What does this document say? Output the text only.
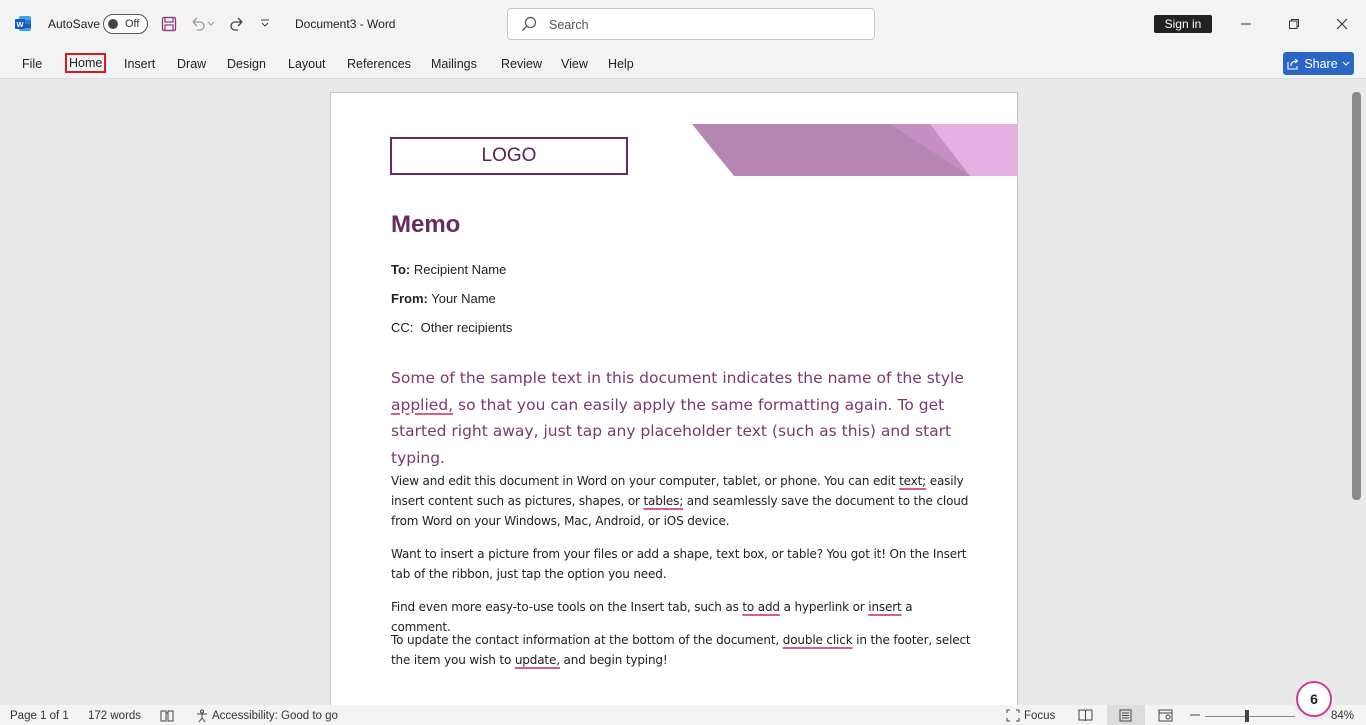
W AutoSave Off	Document3 - Word	Search	Sign in
File	Home	Insert Draw Design Layout References Mailings Review View Help	Share
LOGO
Memo
To: Recipient Name
From: Your Name
CC: Other recipients
Some of the sample text in this document indicates the name of the style applied, so that you can easily apply the same formatting again. To get started right away, just tap any placeholder text (such as this) and start typing.
View and edit this document in Word on your computer, tablet, or phone. You can edit text; easily insert content such as pictures, shapes, or tables; and seamlessly save the document to the cloud from Word on your Windows, Mac, Android, or iOS device.
Want to insert a picture from your files or add a shape, text box, or table? You got it! On the Insert tab of the ribbon, just tap the option you need.
Find even more easy-to-use tools on the Insert tab, such as to add a hyperlink or insert a comment.
To update the contact information at the bottom of the document, double click in the footer, select the item you wish to update, and begin typing!
Page 1 of 1 172 words	Accessibility: Good to go	Focus	84%
6
